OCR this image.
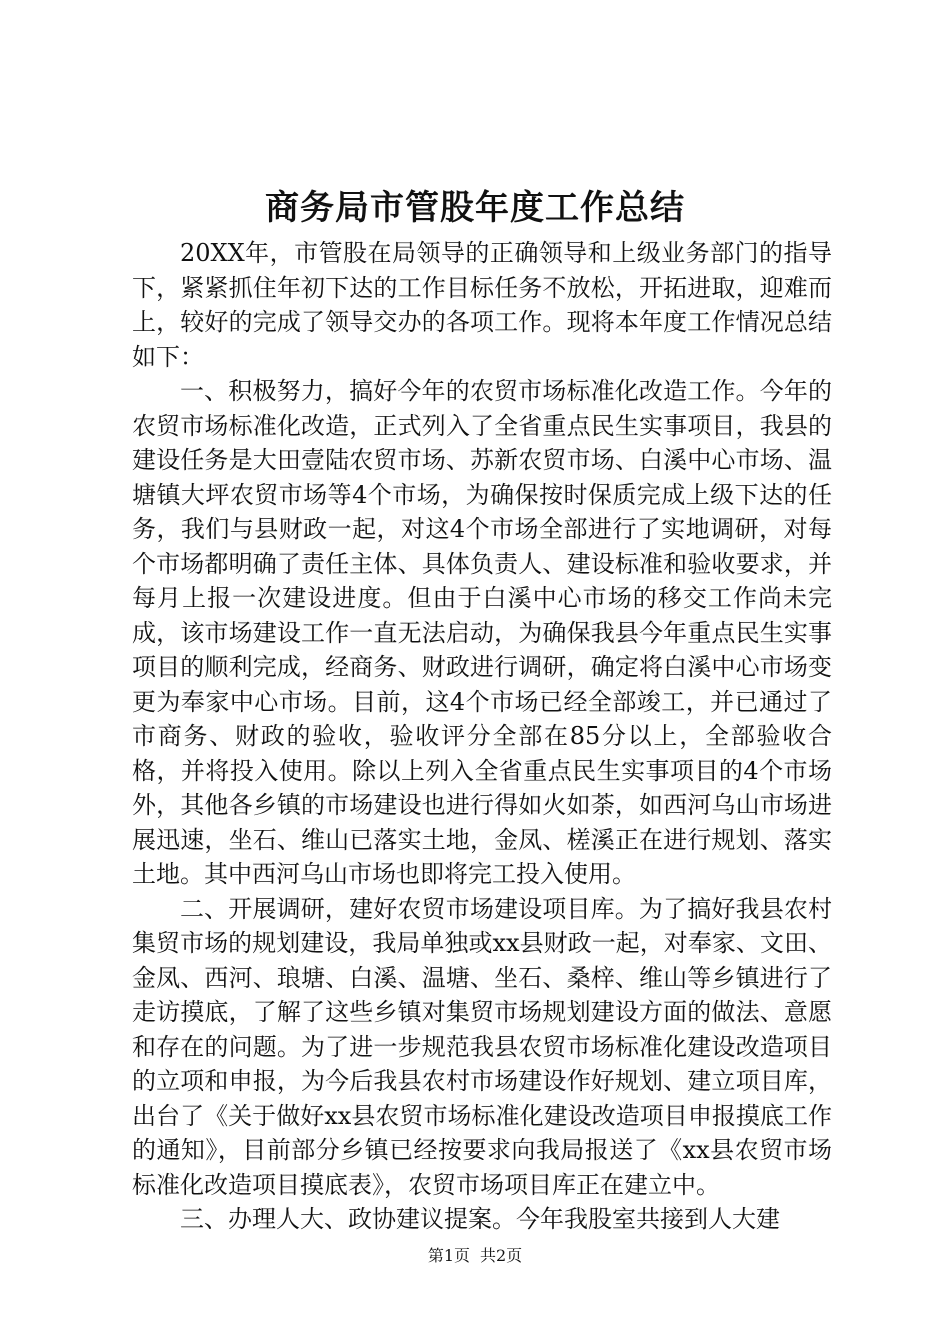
商务局市管股年度工作总结

20XX年，市管股在局领导的正确领导和上级业务部门的指导下，紧紧抓住年初下达的工作目标任务不放松，开拓进取，迎难而上，较好的完成了领导交办的各项工作。现将本年度工作情况总结如下：

一、积极努力，搞好今年的农贸市场标准化改造工作。今年的农贸市场标准化改造，正式列入了全省重点民生实事项目，我县的建设任务是大田壹陆农贸市场、苏新农贸市场、白溪中心市场、温塘镇大坪农贸市场等4个市场，为确保按时保质完成上级下达的任务，我们与县财政一起，对这4个市场全部进行了实地调研，对每个市场都明确了责任主体、具体负责人、建设标准和验收要求，并每月上报一次建设进度。但由于白溪中心市场的移交工作尚未完成，该市场建设工作一直无法启动，为确保我县今年重点民生实事项目的顺利完成，经商务、财政进行调研，确定将白溪中心市场变更为奉家中心市场。目前，这4个市场已经全部竣工，并已通过了市商务、财政的验收，验收评分全部在85分以上，全部验收合格，并将投入使用。除以上列入全省重点民生实事项目的4个市场外，其他各乡镇的市场建设也进行得如火如荼，如西河乌山市场进展迅速，坐石、维山已落实土地，金凤、槎溪正在进行规划、落实土地。其中西河乌山市场也即将完工投入使用。

二、开展调研，建好农贸市场建设项目库。为了搞好我县农村集贸市场的规划建设，我局单独或xx县财政一起，对奉家、文田、金凤、西河、琅塘、白溪、温塘、坐石、桑梓、维山等乡镇进行了走访摸底，了解了这些乡镇对集贸市场规划建设方面的做法、意愿和存在的问题。为了进一步规范我县农贸市场标准化建设改造项目的立项和申报，为今后我县农村市场建设作好规划、建立项目库，出台了《关于做好xx县农贸市场标准化建设改造项目申报摸底工作的通知》，目前部分乡镇已经按要求向我局报送了《xx县农贸市场标准化改造项目摸底表》，农贸市场项目库正在建立中。

三、办理人大、政协建议提案。今年我股室共接到人大建

第1页 共2页
